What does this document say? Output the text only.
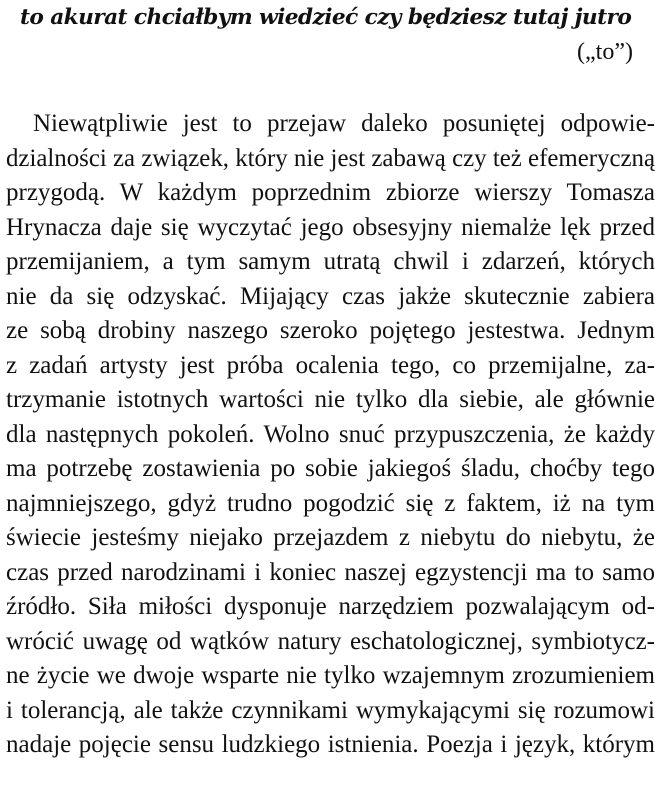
to akurat chciałbym wiedzieć czy będziesz tutaj jutro
(„to”)
Niewątpliwie jest to przejaw daleko posuniętej odpowie-
dzialności za związek, który nie jest zabawą czy też efemeryczną
przygodą. W każdym poprzednim zbiorze wierszy Tomasza
Hrynacza daje się wyczytać jego obsesyjny niemalże lęk przed
przemijaniem, a tym samym utratą chwil i zdarzeń, których
nie da się odzyskać. Mijający czas jakże skutecznie zabiera
ze sobą drobiny naszego szeroko pojętego jestestwa. Jednym
z zadań artysty jest próba ocalenia tego, co przemijalne, za-
trzymanie istotnych wartości nie tylko dla siebie, ale głównie
dla następnych pokoleń. Wolno snuć przypuszczenia, że każdy
ma potrzebę zostawienia po sobie jakiegoś śladu, choćby tego
najmniejszego, gdyż trudno pogodzić się z faktem, iż na tym
świecie jesteśmy niejako przejazdem z niebytu do niebytu, że
czas przed narodzinami i koniec naszej egzystencji ma to samo
źródło. Siła miłości dysponuje narzędziem pozwalającym od-
wrócić uwagę od wątków natury eschatologicznej, symbiotycz-
ne życie we dwoje wsparte nie tylko wzajemnym zrozumieniem
i tolerancją, ale także czynnikami wymykającymi się rozumowi
nadaje pojęcie sensu ludzkiego istnienia. Poezja i język, którym
